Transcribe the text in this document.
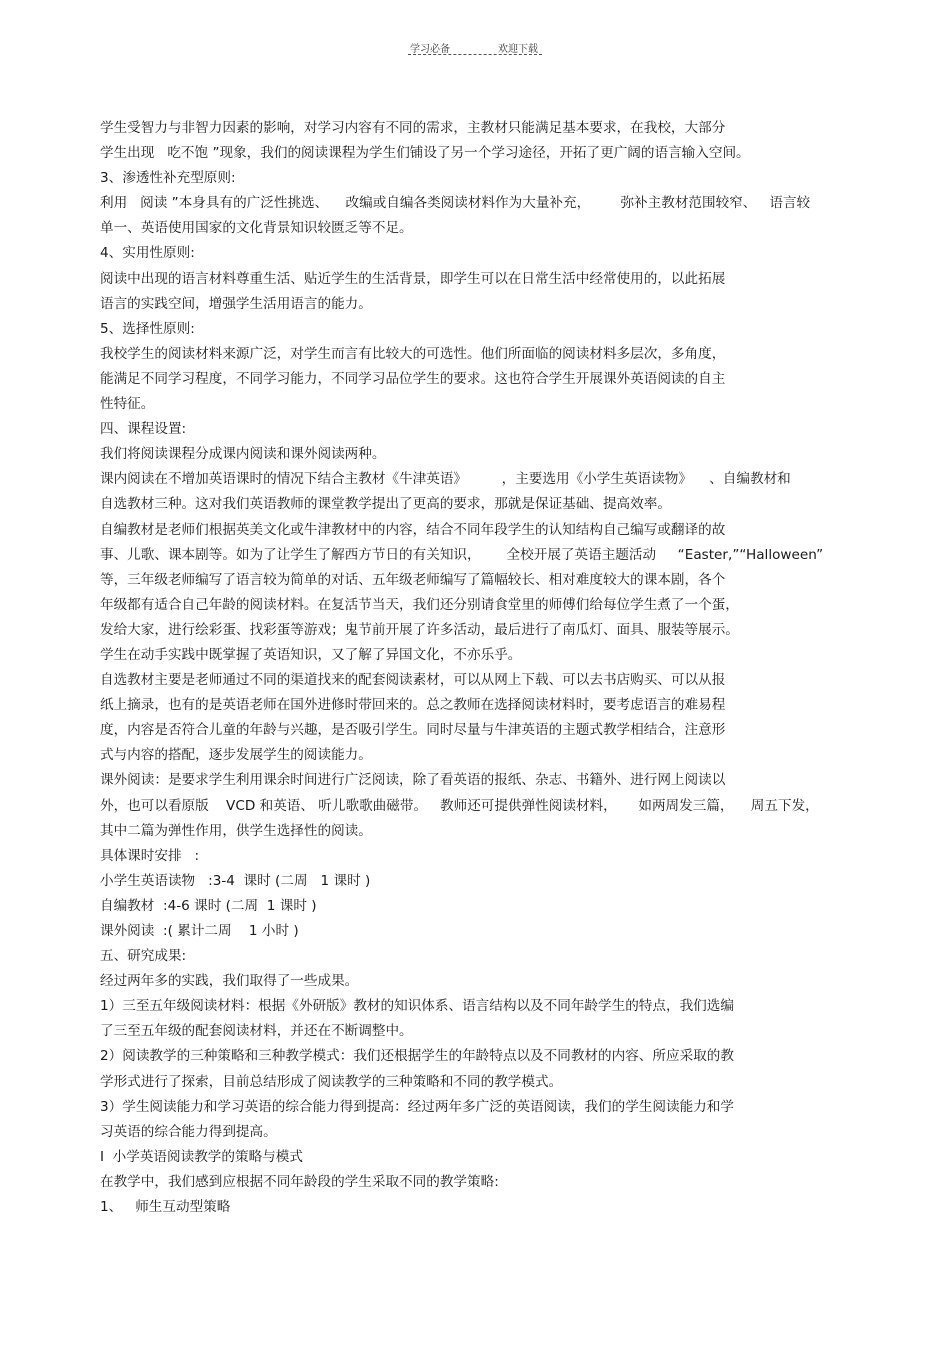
学习必备	欢迎下载
学生受智力与非智力因素的影响，对学习内容有不同的需求，主教材只能满足基本要求，在我校，大部分
学生出现   吃不饱 ”现象，我们的阅读课程为学生们铺设了另一个学习途径，开拓了更广阔的语言输入空间。
3、渗透性补充型原则:
利用   阅读 ”本身具有的广泛性挑选、    改编或自编各类阅读材料作为大量补充，       弥补主教材范围较窄、   语言较
单一、英语使用国家的文化背景知识较匮乏等不足。
4、实用性原则:
阅读中出现的语言材料尊重生活、贴近学生的生活背景，即学生可以在日常生活中经常使用的，以此拓展
语言的实践空间，增强学生活用语言的能力。
5、选择性原则:
我校学生的阅读材料来源广泛，对学生而言有比较大的可选性。他们所面临的阅读材料多层次，多角度，
能满足不同学习程度，不同学习能力，不同学习品位学生的要求。这也符合学生开展课外英语阅读的自主
性特征。
四、课程设置:
我们将阅读课程分成课内阅读和课外阅读两种。
课内阅读在不增加英语课时的情况下结合主教材《牛津英语》        ，主要选用《小学生英语读物》    、自编教材和
自选教材三种。这对我们英语教师的课堂教学提出了更高的要求，那就是保证基础、提高效率。
自编教材是老师们根据英美文化或牛津教材中的内容，结合不同年段学生的认知结构自己编写或翻译的故
事、儿歌、课本剧等。如为了让学生了解西方节日的有关知识，      全校开展了英语主题活动     “Easter,”“Halloween”
等，三年级老师编写了语言较为简单的对话、五年级老师编写了篇幅较长、相对难度较大的课本剧，各个
年级都有适合自己年龄的阅读材料。在复活节当天，我们还分别请食堂里的师傅们给每位学生煮了一个蛋，
发给大家，进行绘彩蛋、找彩蛋等游戏；鬼节前开展了许多活动，最后进行了南瓜灯、面具、服装等展示。
学生在动手实践中既掌握了英语知识，又了解了异国文化，不亦乐乎。
自选教材主要是老师通过不同的渠道找来的配套阅读素材，可以从网上下载、可以去书店购买、可以从报
纸上摘录，也有的是英语老师在国外进修时带回来的。总之教师在选择阅读材料时，要考虑语言的难易程
度，内容是否符合儿童的年龄与兴趣，是否吸引学生。同时尽量与牛津英语的主题式教学相结合，注意形
式与内容的搭配，逐步发展学生的阅读能力。
课外阅读：是要求学生利用课余时间进行广泛阅读，除了看英语的报纸、杂志、书籍外、进行网上阅读以
外，也可以看原版    VCD 和英语、 听儿歌歌曲磁带。   教师还可提供弹性阅读材料，     如两周发三篇，    周五下发，
其中二篇为弹性作用，供学生选择性的阅读。
具体课时安排   :
小学生英语读物   :3-4  课时 (二周   1 课时 )
自编教材  :4-6 课时 (二周  1 课时 )
课外阅读  :( 累计二周    1 小时 )
五、研究成果:
经过两年多的实践，我们取得了一些成果。
1）三至五年级阅读材料：根据《外研版》教材的知识体系、语言结构以及不同年龄学生的特点，我们选编
了三至五年级的配套阅读材料，并还在不断调整中。
2）阅读教学的三种策略和三种教学模式：我们还根据学生的年龄特点以及不同教材的内容、所应采取的教
学形式进行了探索，目前总结形成了阅读教学的三种策略和不同的教学模式。
3）学生阅读能力和学习英语的综合能力得到提高：经过两年多广泛的英语阅读，我们的学生阅读能力和学
习英语的综合能力得到提高。
Ⅰ  小学英语阅读教学的策略与模式
在教学中，我们感到应根据不同年龄段的学生采取不同的教学策略:
1、   师生互动型策略
